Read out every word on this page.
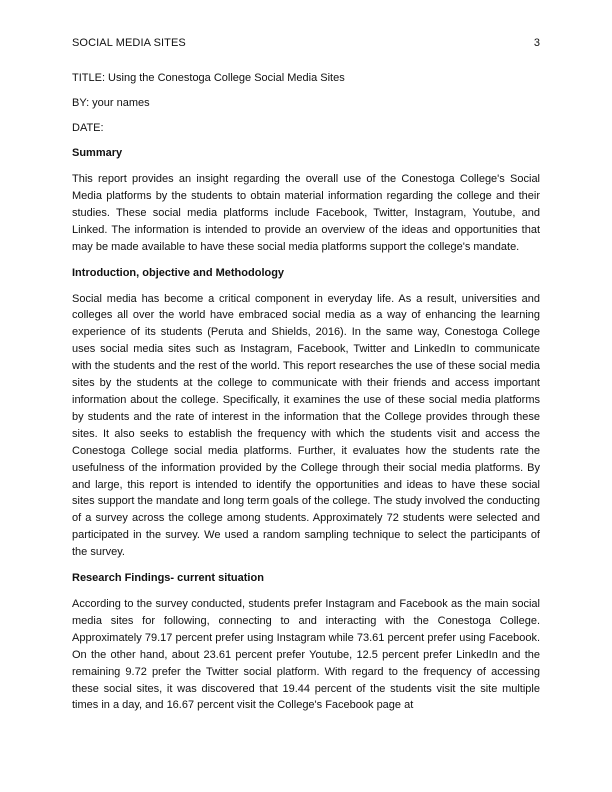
SOCIAL MEDIA SITES	3

TITLE: Using the Conestoga College Social Media Sites

BY: your names

DATE:

Summary

This report provides an insight regarding the overall use of the Conestoga College's Social Media platforms by the students to obtain material information regarding the college and their studies. These social media platforms include Facebook, Twitter, Instagram, Youtube, and Linked. The information is intended to provide an overview of the ideas and opportunities that may be made available to have these social media platforms support the college's mandate.

Introduction, objective and Methodology

Social media has become a critical component in everyday life. As a result, universities and colleges all over the world have embraced social media as a way of enhancing the learning experience of its students (Peruta and Shields, 2016). In the same way, Conestoga College uses social media sites such as Instagram, Facebook, Twitter and LinkedIn to communicate with the students and the rest of the world. This report researches the use of these social media sites by the students at the college to communicate with their friends and access important information about the college. Specifically, it examines the use of these social media platforms by students and the rate of interest in the information that the College provides through these sites. It also seeks to establish the frequency with which the students visit and access the Conestoga College social media platforms. Further, it evaluates how the students rate the usefulness of the information provided by the College through their social media platforms. By and large, this report is intended to identify the opportunities and ideas to have these social sites support the mandate and long term goals of the college. The study involved the conducting of a survey across the college among students. Approximately 72 students were selected and participated in the survey. We used a random sampling technique to select the participants of the survey.

Research Findings- current situation

According to the survey conducted, students prefer Instagram and Facebook as the main social media sites for following, connecting to and interacting with the Conestoga College. Approximately 79.17 percent prefer using Instagram while 73.61 percent prefer using Facebook. On the other hand, about 23.61 percent prefer Youtube, 12.5 percent prefer LinkedIn and the remaining 9.72 prefer the Twitter social platform. With regard to the frequency of accessing these social sites, it was discovered that 19.44 percent of the students visit the site multiple times in a day, and 16.67 percent visit the College's Facebook page at
